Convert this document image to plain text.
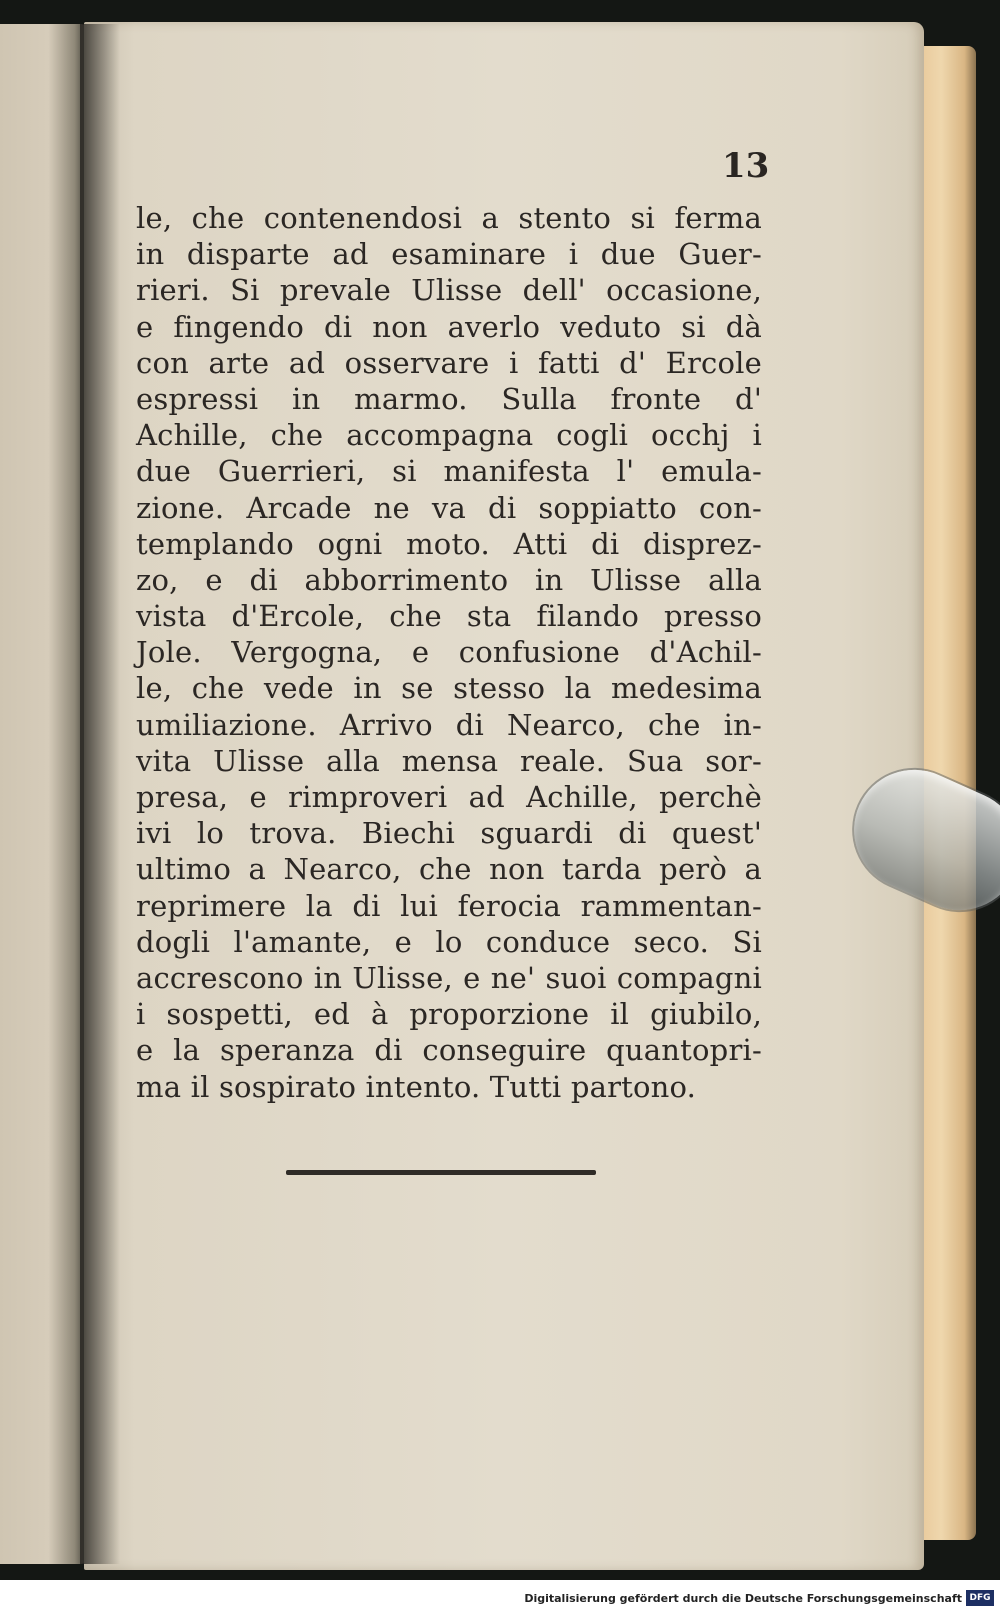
13

le, che contenendosi a stento si ferma
in disparte ad esaminare i due Guer-
rieri. Si prevale Ulisse dell' occasione,
e fingendo di non averlo veduto si dà
con arte ad osservare i fatti d' Ercole
espressi in marmo. Sulla fronte d'
Achille, che accompagna cogli occhj i
due Guerrieri, si manifesta l' emula-
zione. Arcade ne va di soppiatto con-
templando ogni moto. Atti di disprez-
zo, e di abborrimento in Ulisse alla
vista d'Ercole, che sta filando presso
Jole. Vergogna, e confusione d'Achil-
le, che vede in se stesso la medesima
umiliazione. Arrivo di Nearco, che in-
vita Ulisse alla mensa reale. Sua sor-
presa, e rimproveri ad Achille, perchè
ivi lo trova. Biechi sguardi di quest'
ultimo a Nearco, che non tarda però a
reprimere la di lui ferocia rammentan-
dogli l'amante, e lo conduce seco. Si
accrescono in Ulisse, e ne' suoi compagni
i sospetti, ed à proporzione il giubilo,
e la speranza di conseguire quantopri-
ma il sospirato intento. Tutti partono.
Digitalisierung gefördert durch die Deutsche Forschungsgemeinschaft DFG
